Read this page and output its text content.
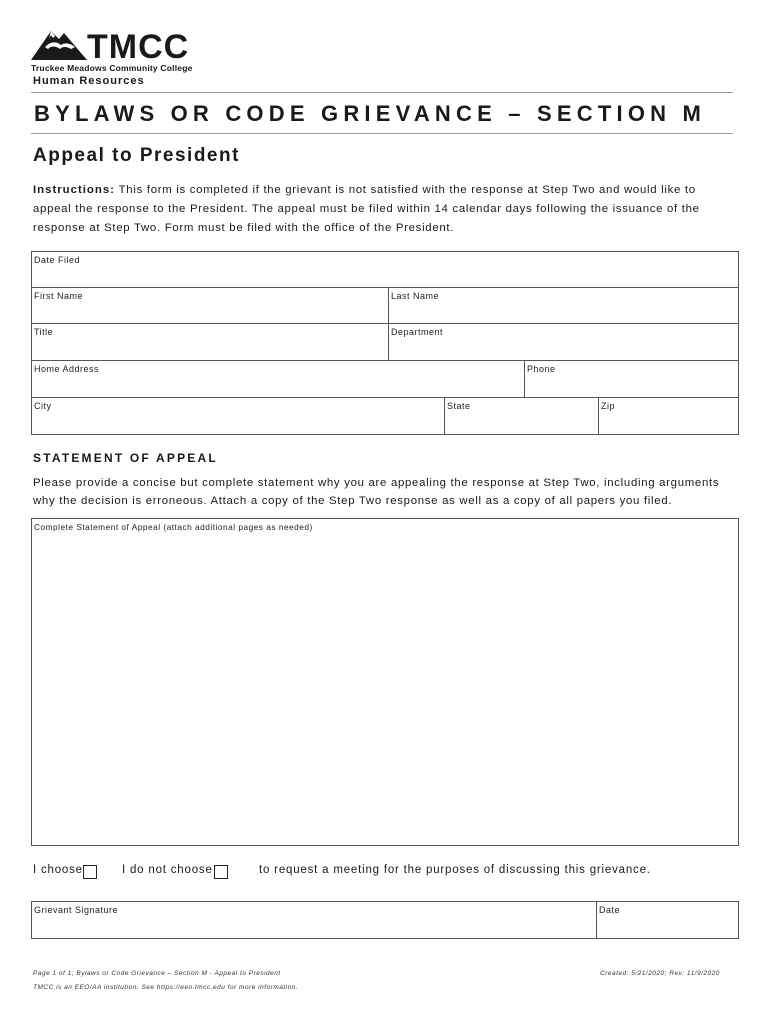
TMCC
Truckee Meadows Community College
Human Resources
BYLAWS OR CODE GRIEVANCE – SECTION M
Appeal to President
Instructions: This form is completed if the grievant is not satisfied with the response at Step Two and would like to appeal the response to the President. The appeal must be filed within 14 calendar days following the issuance of the response at Step Two. Form must be filed with the office of the President.
Date Filed
First Name	Last Name
Title	Department
Home Address	Phone
City	State	Zip
STATEMENT OF APPEAL
Please provide a concise but complete statement why you are appealing the response at Step Two, including arguments why the decision is erroneous. Attach a copy of the Step Two response as well as a copy of all papers you filed.
Complete Statement of Appeal (attach additional pages as needed)
I choose	I do not choose	to request a meeting for the purposes of discussing this grievance.
Grievant Signature	Date
Page 1 of 1; Bylaws or Code Grievance – Section M - Appeal to President	Created: 5/21/2020; Rev: 11/9/2020
TMCC is an EEO/AA institution. See https://eeo.tmcc.edu for more information.
